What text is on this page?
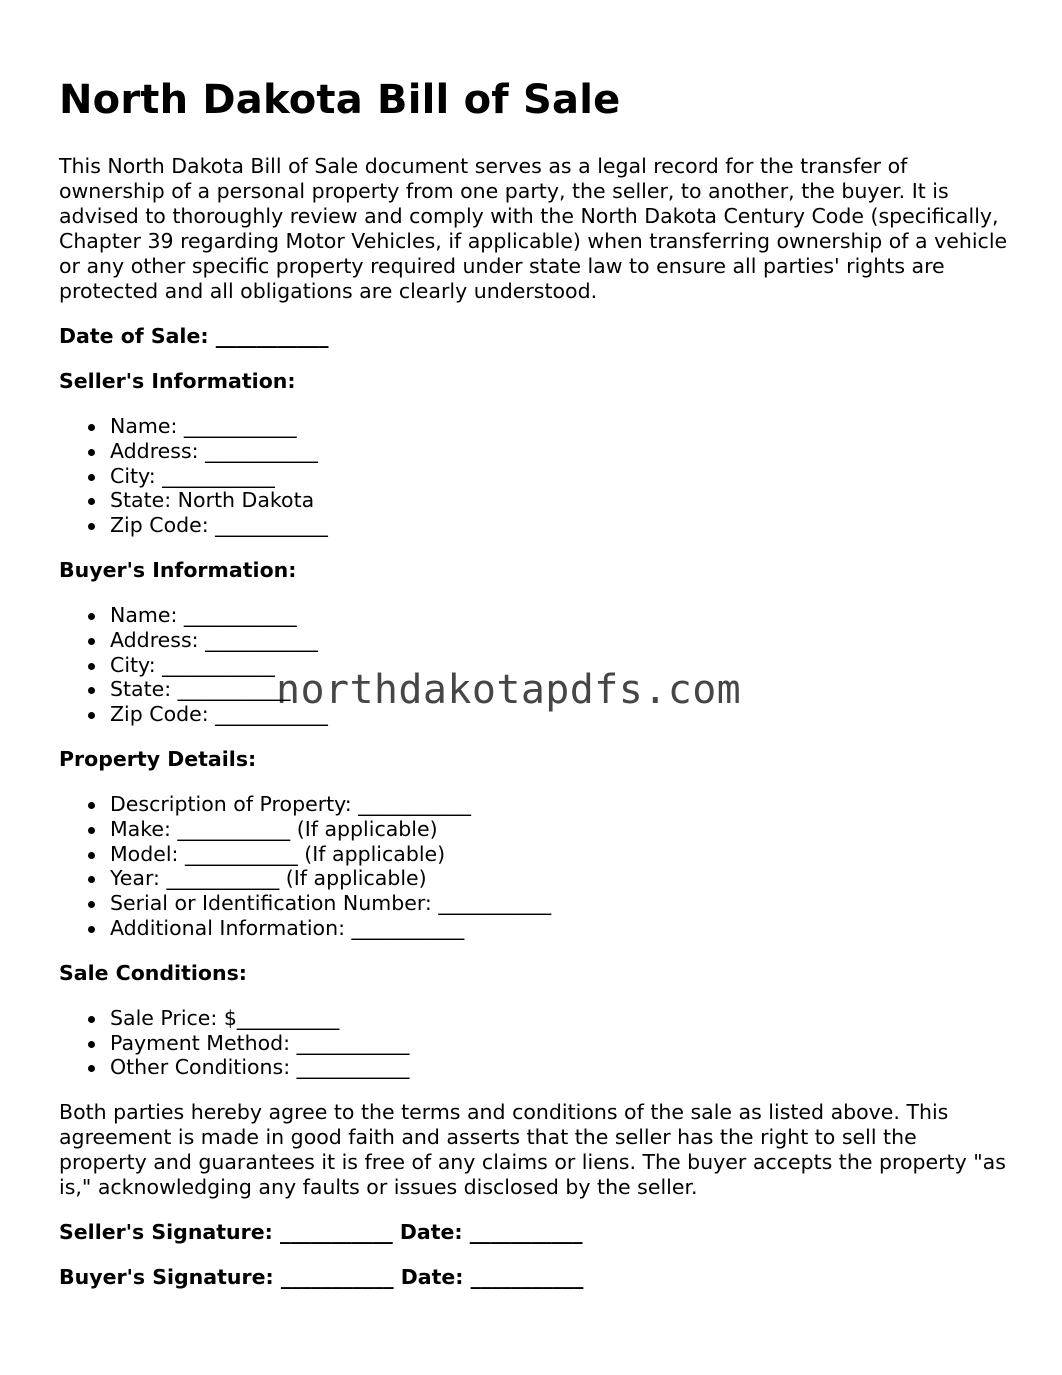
North Dakota Bill of Sale

This North Dakota Bill of Sale document serves as a legal record for the transfer of ownership of a personal property from one party, the seller, to another, the buyer. It is advised to thoroughly review and comply with the North Dakota Century Code (specifically, Chapter 39 regarding Motor Vehicles, if applicable) when transferring ownership of a vehicle or any other specific property required under state law to ensure all parties' rights are protected and all obligations are clearly understood.

Date of Sale: ___________
Seller's Information:
Name: ___________
Address: ___________
City: ___________
State: North Dakota
Zip Code: ___________
Buyer's Information:
Name: ___________
Address: ___________
City: ___________
State: ___________
Zip Code: ___________
Property Details:
Description of Property: ___________
Make: ___________ (If applicable)
Model: ___________ (If applicable)
Year: ___________ (If applicable)
Serial or Identification Number: ___________
Additional Information: ___________
Sale Conditions:
Sale Price: $__________
Payment Method: ___________
Other Conditions: ___________

Both parties hereby agree to the terms and conditions of the sale as listed above. This agreement is made in good faith and asserts that the seller has the right to sell the property and guarantees it is free of any claims or liens. The buyer accepts the property "as is," acknowledging any faults or issues disclosed by the seller.

Seller's Signature: ___________ Date: ___________
Buyer's Signature: ___________ Date: ___________
northdakotapdfs.com
